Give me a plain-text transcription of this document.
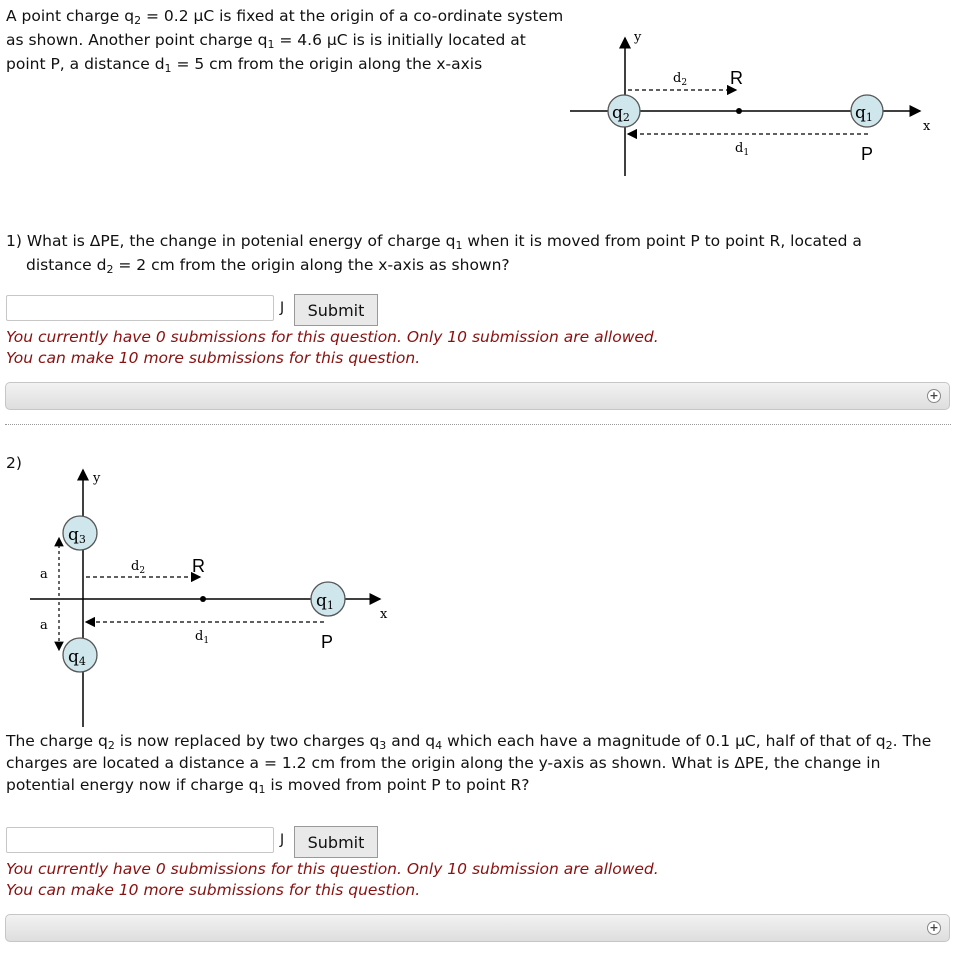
A point charge $q_2 = 0.2$ μC is fixed at the origin of a co-ordinate system as shown. Another point charge $q_1 = 4.6$ μC is is initially located at point P, a distance $d_1 = 5$ cm from the origin along the x-axis
y
x
$d_2$
$d_1$
R
q2	q1
P
1) What is ΔPE, the change in potenial energy of charge $q_1$ when it is moved from point P to point R, located a
distance $d_2 = 2$ cm from the origin along the x-axis as shown?
J	Submit
You currently have 0 submissions for this question. Only 10 submission are allowed.
You can make 10 more submissions for this question.
+
2)
y
x
q3
q4
a
a
$d_2$
$d_1$
R
q1
P
The charge $q_2$ is now replaced by two charges $q_3$ and $q_4$ which each have a magnitude of 0.1 μC, half of that of $q_2$. The charges are located a distance a = 1.2 cm from the origin along the y-axis as shown. What is ΔPE, the change in potential energy now if charge $q_1$ is moved from point P to point R?
J	Submit
You currently have 0 submissions for this question. Only 10 submission are allowed.
You can make 10 more submissions for this question.
+
